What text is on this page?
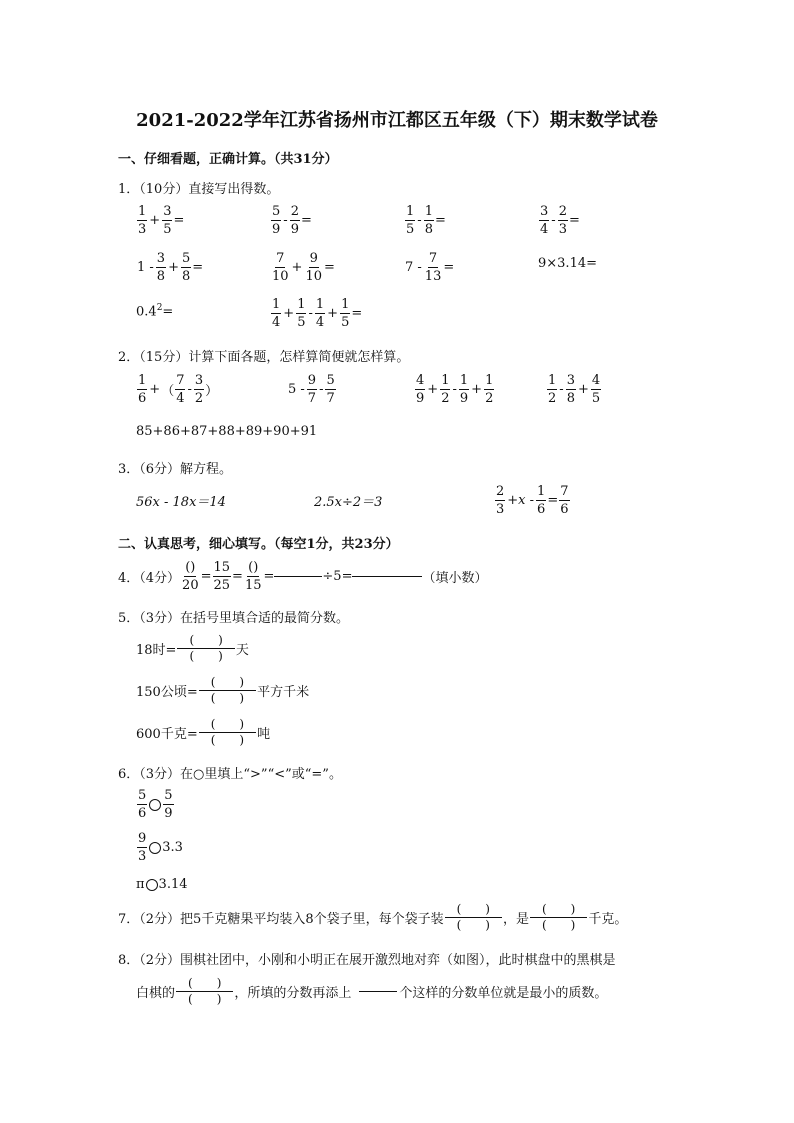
2021-2022学年江苏省扬州市江都区五年级（下）期末数学试卷
一、仔细看题，正确计算。（共31分）
1．（10分）直接写出得数。
$\frac{1}{3} + \frac{3}{5}$ =	$\frac{5}{9} - \frac{2}{9}$ =	$\frac{1}{5} - \frac{1}{8}$ =	$\frac{3}{4} - \frac{2}{3}$ =
$1 - \frac{3}{8} + \frac{5}{8}$ =	$\frac{7}{10} + \frac{9}{10}$ =	$7 - \frac{7}{13}$ =	9×3.14=
$0.4^2=$	$\frac{1}{4} + \frac{1}{5} - \frac{1}{4} + \frac{1}{5}$ =
2．（15分）计算下面各题，怎样算简便就怎样算。
$\frac{1}{6}$ + （ $\frac{7}{4} - \frac{3}{2}$ ）	$5 - \frac{9}{7} - \frac{5}{7}$	$\frac{4}{9} + \frac{1}{2} - \frac{1}{9} + \frac{1}{2}$	$\frac{1}{2} - \frac{3}{8} + \frac{4}{5}$
85+86+87+88+89+90+91
3．（6分）解方程。
56x - 18x＝14	2.5x÷2＝3	$\frac{2}{3} +x - \frac{1}{6} = \frac{7}{6}$
二、认真思考，细心填写。（每空1分，共23分）
4．（4分）
()
20
= $\frac{15}{25}$ =
()
15
=	÷5=	（填小数）
5．（3分）在括号里填合适的最简分数。
18时=
(　　)
(　　)	天
150公顷=
(　　)
(　　)	平方千米
600千克=
(　　)
(　　)	吨
6．（3分）在○里填上“>”“<”或“=”。
$\frac{5}{6} \frac{5}{9}$
$\frac{9}{3} 3.3$
π 3.14
7．（2分）把5千克糖果平均装入8个袋子里，每个袋子装
(　　)
(　　)	，是
(　　)
(　　)	千克。
8．（2分）围棋社团中，小刚和小明正在展开激烈地对弈（如图），此时棋盘中的黑棋是
白棋的
(　　)
(　　)	，所填的分数再添上	个这样的分数单位就是最小的质数。
